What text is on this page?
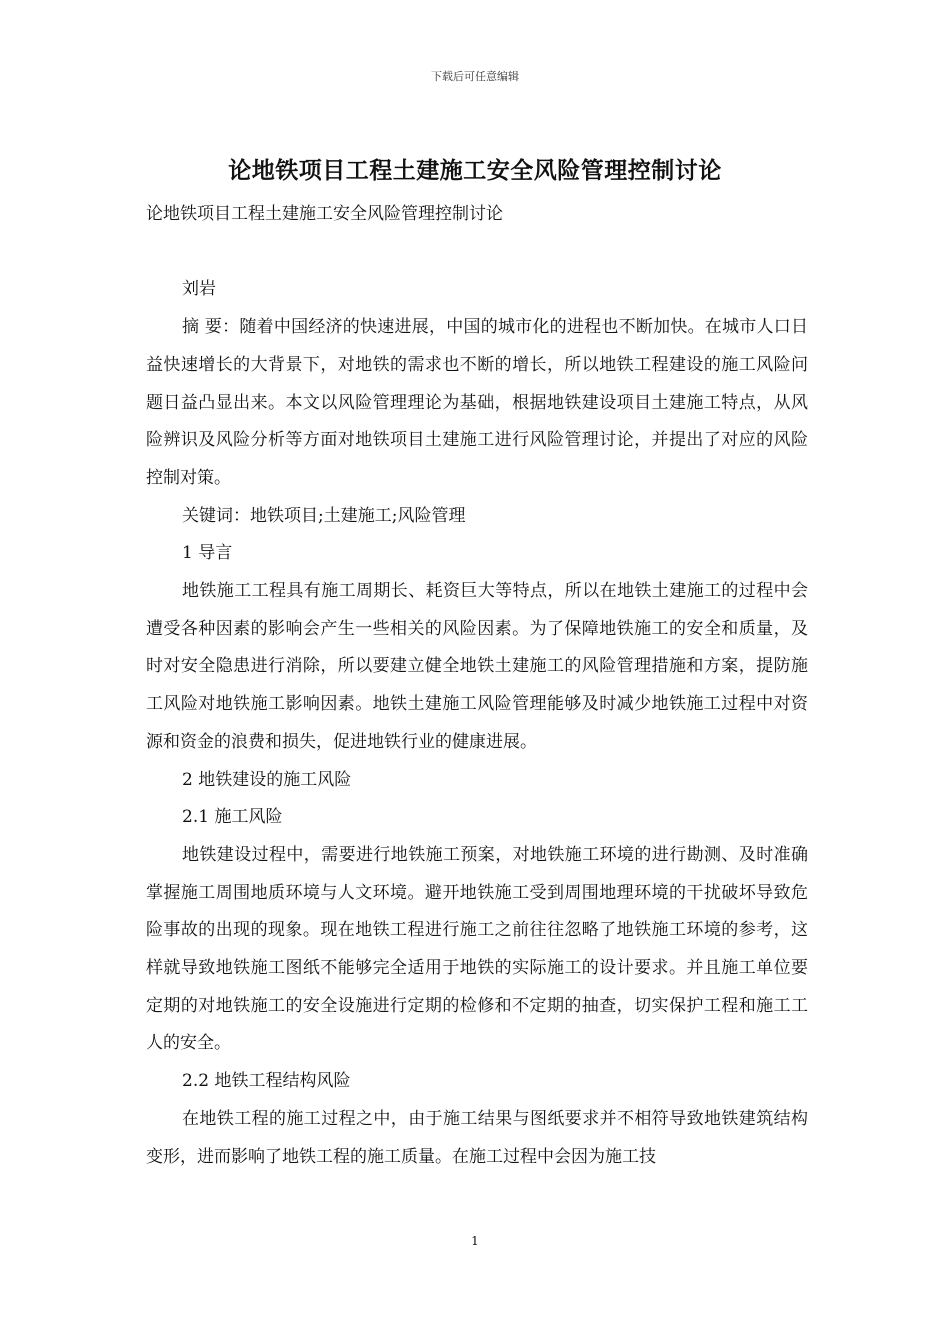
下载后可任意编辑
论地铁项目工程土建施工安全风险管理控制讨论

论地铁项目工程土建施工安全风险管理控制讨论

刘岩

摘 要：随着中国经济的快速进展，中国的城市化的进程也不断加快。在城市人口日益快速增长的大背景下，对地铁的需求也不断的增长，所以地铁工程建设的施工风险问题日益凸显出来。本文以风险管理理论为基础，根据地铁建设项目土建施工特点，从风险辨识及风险分析等方面对地铁项目土建施工进行风险管理讨论，并提出了对应的风险控制对策。

关键词：地铁项目;土建施工;风险管理

1 导言

地铁施工工程具有施工周期长、耗资巨大等特点，所以在地铁土建施工的过程中会遭受各种因素的影响会产生一些相关的风险因素。为了保障地铁施工的安全和质量，及时对安全隐患进行消除，所以要建立健全地铁土建施工的风险管理措施和方案，提防施工风险对地铁施工影响因素。地铁土建施工风险管理能够及时减少地铁施工过程中对资源和资金的浪费和损失，促进地铁行业的健康进展。

2 地铁建设的施工风险

2.1 施工风险

地铁建设过程中，需要进行地铁施工预案，对地铁施工环境的进行勘测、及时准确掌握施工周围地质环境与人文环境。避开地铁施工受到周围地理环境的干扰破坏导致危险事故的出现的现象。现在地铁工程进行施工之前往往忽略了地铁施工环境的参考，这样就导致地铁施工图纸不能够完全适用于地铁的实际施工的设计要求。并且施工单位要定期的对地铁施工的安全设施进行定期的检修和不定期的抽查，切实保护工程和施工工人的安全。

2.2 地铁工程结构风险

在地铁工程的施工过程之中，由于施工结果与图纸要求并不相符导致地铁建筑结构变形，进而影响了地铁工程的施工质量。在施工过程中会因为施工技

1
